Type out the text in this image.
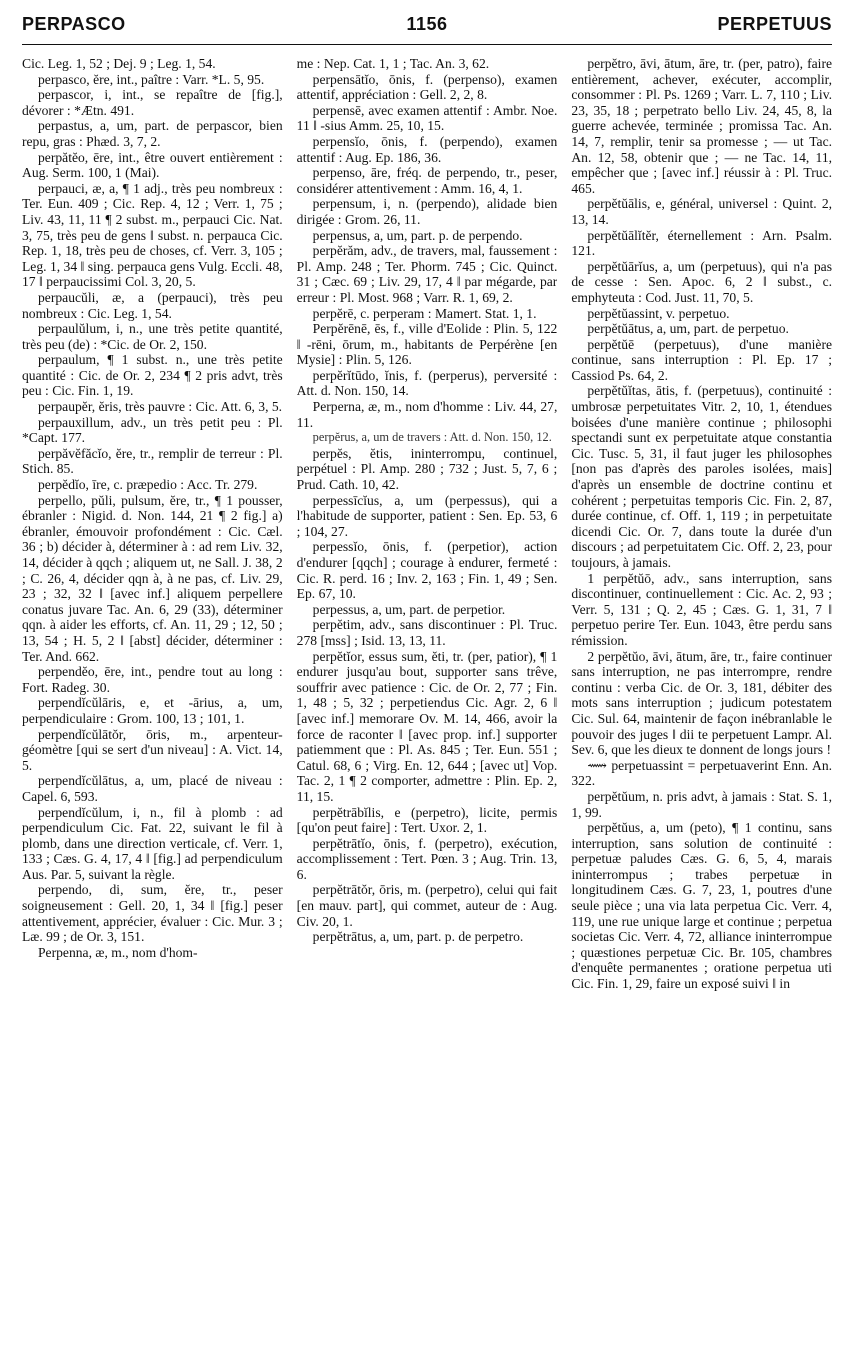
PERPASCO	1156	PERPETUUS

Cic. Leg. 1, 52 ; Dej. 9 ; Leg. 1, 54.

perpasco, ĕre, int., paître : Varr. *L. 5, 95.

perpascor, i, int., se repaître de [fig.], dévorer : *Ætn. 491.

perpastus, a, um, part. de perpascor, bien repu, gras : Phæd. 3, 7, 2.

perpătĕo, ēre, int., être ouvert entièrement : Aug. Serm. 100, 1 (Mai).

perpauci, æ, a, ¶ 1 adj., très peu nombreux : Ter. Eun. 409 ; Cic. Rep. 4, 12 ; Verr. 1, 75 ; Liv. 43, 11, 11 ¶ 2 subst. m., perpauci Cic. Nat. 3, 75, très peu de gens ‖ subst. n. perpauca Cic. Rep. 1, 18, très peu de choses, cf. Verr. 3, 105 ; Leg. 1, 34 ‖ sing. perpauca gens Vulg. Eccli. 48, 17 ‖ perpaucissimi Col. 3, 20, 5.

perpaucŭli, æ, a (perpauci), très peu nombreux : Cic. Leg. 1, 54.

perpaulŭlum, i, n., une très petite quantité, très peu (de) : *Cic. de Or. 2, 150.

perpaulum, ¶ 1 subst. n., une très petite quantité : Cic. de Or. 2, 234 ¶ 2 pris advt, très peu : Cic. Fin. 1, 19.

perpaupĕr, ĕris, très pauvre : Cic. Att. 6, 3, 5.

perpauxillum, adv., un très petit peu : Pl. *Capt. 177.

perpăvĕfăcĭo, ĕre, tr., remplir de terreur : Pl. Stich. 85.

perpĕdĭo, īre, c. præpedio : Acc. Tr. 279.

perpello, pŭli, pulsum, ĕre, tr., ¶ 1 pousser, ébranler : Nigid. d. Non. 144, 21 ¶ 2 fig.] a) ébranler, émouvoir profondément : Cic. Cæl. 36 ; b) décider à, déterminer à : ad rem Liv. 32, 14, décider à qqch ; aliquem ut, ne Sall. J. 38, 2 ; C. 26, 4, décider qqn à, à ne pas, cf. Liv. 29, 23 ; 32, 32 ‖ [avec inf.] aliquem perpellere conatus juvare Tac. An. 6, 29 (33), déterminer qqn. à aider les efforts, cf. An. 11, 29 ; 12, 50 ; 13, 54 ; H. 5, 2 ‖ [abst] décider, déterminer : Ter. And. 662.

perpendĕo, ēre, int., pendre tout au long : Fort. Radeg. 30.

perpendĭcŭlāris, e, et -ārius, a, um, perpendiculaire : Grom. 100, 13 ; 101, 1.

perpendĭcŭlātŏr, ōris, m., arpenteur-géomètre [qui se sert d'un niveau] : A. Vict. 14, 5.

perpendĭcŭlātus, a, um, placé de niveau : Capel. 6, 593.

perpendĭcŭlum, i, n., fil à plomb : ad perpendiculum Cic. Fat. 22, suivant le fil à plomb, dans une direction verticale, cf. Verr. 1, 133 ; Cæs. G. 4, 17, 4 ‖ [fig.] ad perpendiculum Aus. Par. 5, suivant la règle.

perpendo, di, sum, ĕre, tr., peser soigneusement : Gell. 20, 1, 34 ‖ [fig.] peser attentivement, apprécier, évaluer : Cic. Mur. 3 ; Læ. 99 ; de Or. 3, 151.

Perpenna, æ, m., nom d'hom-

me : Nep. Cat. 1, 1 ; Tac. An. 3, 62.

perpensātĭo, ōnis, f. (perpenso), examen attentif, appréciation : Gell. 2, 2, 8.

perpensē, avec examen attentif : Ambr. Noe. 11 ‖ -sius Amm. 25, 10, 15.

perpensĭo, ōnis, f. (perpendo), examen attentif : Aug. Ep. 186, 36.

perpenso, āre, fréq. de perpendo, tr., peser, considérer attentivement : Amm. 16, 4, 1.

perpensum, i, n. (perpendo), alidade bien dirigée : Grom. 26, 11.

perpensus, a, um, part. p. de perpendo.

perpĕrăm, adv., de travers, mal, faussement : Pl. Amp. 248 ; Ter. Phorm. 745 ; Cic. Quinct. 31 ; Cæc. 69 ; Liv. 29, 17, 4 ‖ par mégarde, par erreur : Pl. Most. 968 ; Varr. R. 1, 69, 2.

perpĕrē, c. perperam : Mamert. Stat. 1, 1.

Perpĕrēnē, ēs, f., ville d'Eolide : Plin. 5, 122 ‖ -rēni, ōrum, m., habitants de Perpérène [en Mysie] : Plin. 5, 126.

perpĕrĭtūdo, ĭnis, f. (perperus), perversité : Att. d. Non. 150, 14.

Perperna, æ, m., nom d'homme : Liv. 44, 27, 11.

perpĕrus, a, um de travers : Att. d. Non. 150, 12.

perpĕs, ĕtis, ininterrompu, continuel, perpétuel : Pl. Amp. 280 ; 732 ; Just. 5, 7, 6 ; Prud. Cath. 10, 42.

perpessīcĭus, a, um (perpessus), qui a l'habitude de supporter, patient : Sen. Ep. 53, 6 ; 104, 27.

perpessĭo, ōnis, f. (perpetior), action d'endurer [qqch] ; courage à endurer, fermeté : Cic. R. perd. 16 ; Inv. 2, 163 ; Fin. 1, 49 ; Sen. Ep. 67, 10.

perpessus, a, um, part. de perpetior.

perpĕtim, adv., sans discontinuer : Pl. Truc. 278 [mss] ; Isid. 13, 13, 11.

perpĕtĭor, essus sum, ĕti, tr. (per, patior), ¶ 1 endurer jusqu'au bout, supporter sans trêve, souffrir avec patience : Cic. de Or. 2, 77 ; Fin. 1, 48 ; 5, 32 ; perpetiendus Cic. Agr. 2, 6 ‖ [avec inf.] memorare Ov. M. 14, 466, avoir la force de raconter ‖ [avec prop. inf.] supporter patiemment que : Pl. As. 845 ; Ter. Eun. 551 ; Catul. 68, 6 ; Virg. En. 12, 644 ; [avec ut] Vop. Tac. 2, 1 ¶ 2 comporter, admettre : Plin. Ep. 2, 11, 15.

perpĕtrābĭlis, e (perpetro), licite, permis [qu'on peut faire] : Tert. Uxor. 2, 1.

perpĕtrātĭo, ōnis, f. (perpetro), exécution, accomplissement : Tert. Pœn. 3 ; Aug. Trin. 13, 6.

perpĕtrātŏr, ōris, m. (perpetro), celui qui fait [en mauv. part], qui commet, auteur de : Aug. Civ. 20, 1.

perpĕtrātus, a, um, part. p. de perpetro.

perpĕtro, āvi, ātum, āre, tr. (per, patro), faire entièrement, achever, exécuter, accomplir, consommer : Pl. Ps. 1269 ; Varr. L. 7, 110 ; Liv. 23, 35, 18 ; perpetrato bello Liv. 24, 45, 8, la guerre achevée, terminée ; promissa Tac. An. 14, 7, remplir, tenir sa promesse ; — ut Tac. An. 12, 58, obtenir que ; — ne Tac. 14, 11, empêcher que ; [avec inf.] réussir à : Pl. Truc. 465.

perpĕtŭālis, e, général, universel : Quint. 2, 13, 14.

perpĕtŭālĭtĕr, éternellement : Arn. Psalm. 121.

perpĕtŭārĭus, a, um (perpetuus), qui n'a pas de cesse : Sen. Apoc. 6, 2 ‖ subst., c. emphyteuta : Cod. Just. 11, 70, 5.

perpĕtŭassint, v. perpetuo.

perpĕtŭātus, a, um, part. de perpetuo.

perpĕtŭē (perpetuus), d'une manière continue, sans interruption : Pl. Ep. 17 ; Cassiod Ps. 64, 2.

perpĕtŭĭtas, ātis, f. (perpetuus), continuité : umbrosæ perpetuitates Vitr. 2, 10, 1, étendues boisées d'une manière continue ; philosophi spectandi sunt ex perpetuitate atque constantia Cic. Tusc. 5, 31, il faut juger les philosophes [non pas d'après des paroles isolées, mais] d'après un ensemble de doctrine continu et cohérent ; perpetuitas temporis Cic. Fin. 2, 87, durée continue, cf. Off. 1, 119 ; in perpetuitate dicendi Cic. Or. 7, dans toute la durée d'un discours ; ad perpetuitatem Cic. Off. 2, 23, pour toujours, à jamais.

1 perpĕtŭō, adv., sans interruption, sans discontinuer, continuellement : Cic. Ac. 2, 93 ; Verr. 5, 131 ; Q. 2, 45 ; Cæs. G. 1, 31, 7 ‖ perpetuo perire Ter. Eun. 1043, être perdu sans rémission.

2 perpĕtŭo, āvi, ātum, āre, tr., faire continuer sans interruption, ne pas interrompre, rendre continu : verba Cic. de Or. 3, 181, débiter des mots sans interruption ; judicum potestatem Cic. Sul. 64, maintenir de façon inébranlable le pouvoir des juges ‖ dii te perpetuent Lampr. Al. Sev. 6, que les dieux te donnent de longs jours !

⟿ perpetuassint = perpetuaverint Enn. An. 322.

perpĕtŭum, n. pris advt, à jamais : Stat. S. 1, 1, 99.

perpĕtŭus, a, um (peto), ¶ 1 continu, sans interruption, sans solution de continuité : perpetuæ paludes Cæs. G. 6, 5, 4, marais ininterrompus ; trabes perpetuæ in longitudinem Cæs. G. 7, 23, 1, poutres d'une seule pièce ; una via lata perpetua Cic. Verr. 4, 119, une rue unique large et continue ; perpetua societas Cic. Verr. 4, 72, alliance ininterrompue ; quæstiones perpetuæ Cic. Br. 105, chambres d'enquête permanentes ; oratione perpetua uti Cic. Fin. 1, 29, faire un exposé suivi ‖ in
